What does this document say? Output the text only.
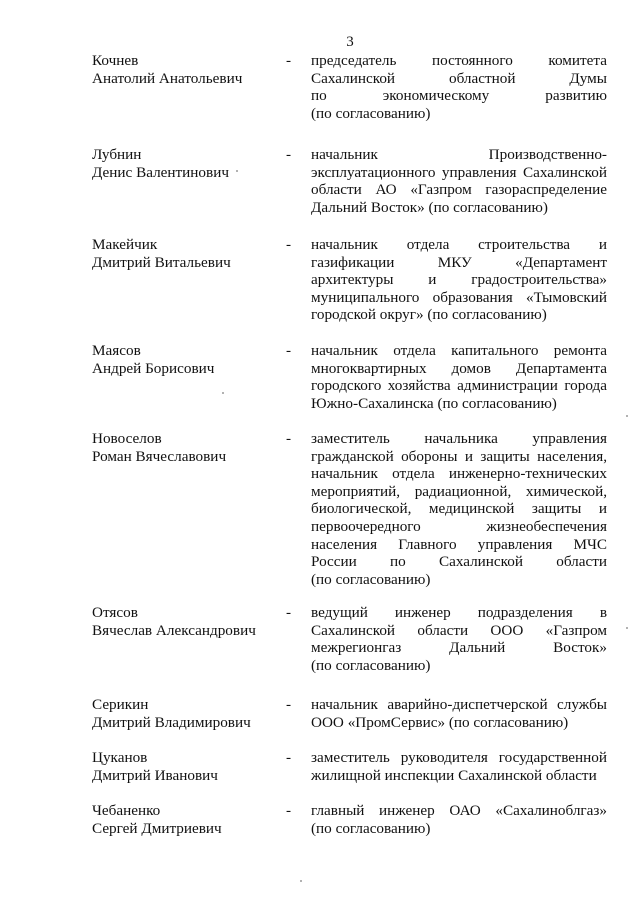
3
Кочнев
Анатолий Анатольевич
- председатель постоянного комитета
Сахалинской областной Думы
по экономическому развитию
(по согласованию)
Лубнин
Денис Валентинович
- начальник Производственно-
эксплуатационного управления Сахалинской
области АО «Газпром газораспределение
Дальний Восток» (по согласованию)
Макейчик
Дмитрий Витальевич
- начальник отдела строительства и
газификации МКУ «Департамент
архитектуры и градостроительства»
муниципального образования «Тымовский
городской округ» (по согласованию)
Маясов
Андрей Борисович
- начальник отдела капитального ремонта
многоквартирных домов Департамента
городского хозяйства администрации города
Южно-Сахалинска (по согласованию)
Новоселов
Роман Вячеславович
- заместитель начальника управления
гражданской обороны и защиты населения,
начальник отдела инженерно-технических
мероприятий, радиационной, химической,
биологической, медицинской защиты и
первоочередного жизнеобеспечения
населения Главного управления МЧС
России по Сахалинской области
(по согласованию)
Отясов
Вячеслав Александрович
- ведущий инженер подразделения в
Сахалинской области ООО «Газпром
межрегионгаз Дальний Восток»
(по согласованию)
Серикин
Дмитрий Владимирович
- начальник аварийно-диспетчерской службы
ООО «ПромСервис» (по согласованию)
Цуканов
Дмитрий Иванович
- заместитель руководителя государственной
жилищной инспекции Сахалинской области
Чебаненко
Сергей Дмитриевич
- главный инженер ОАО «Сахалиноблгаз»
(по согласованию)
